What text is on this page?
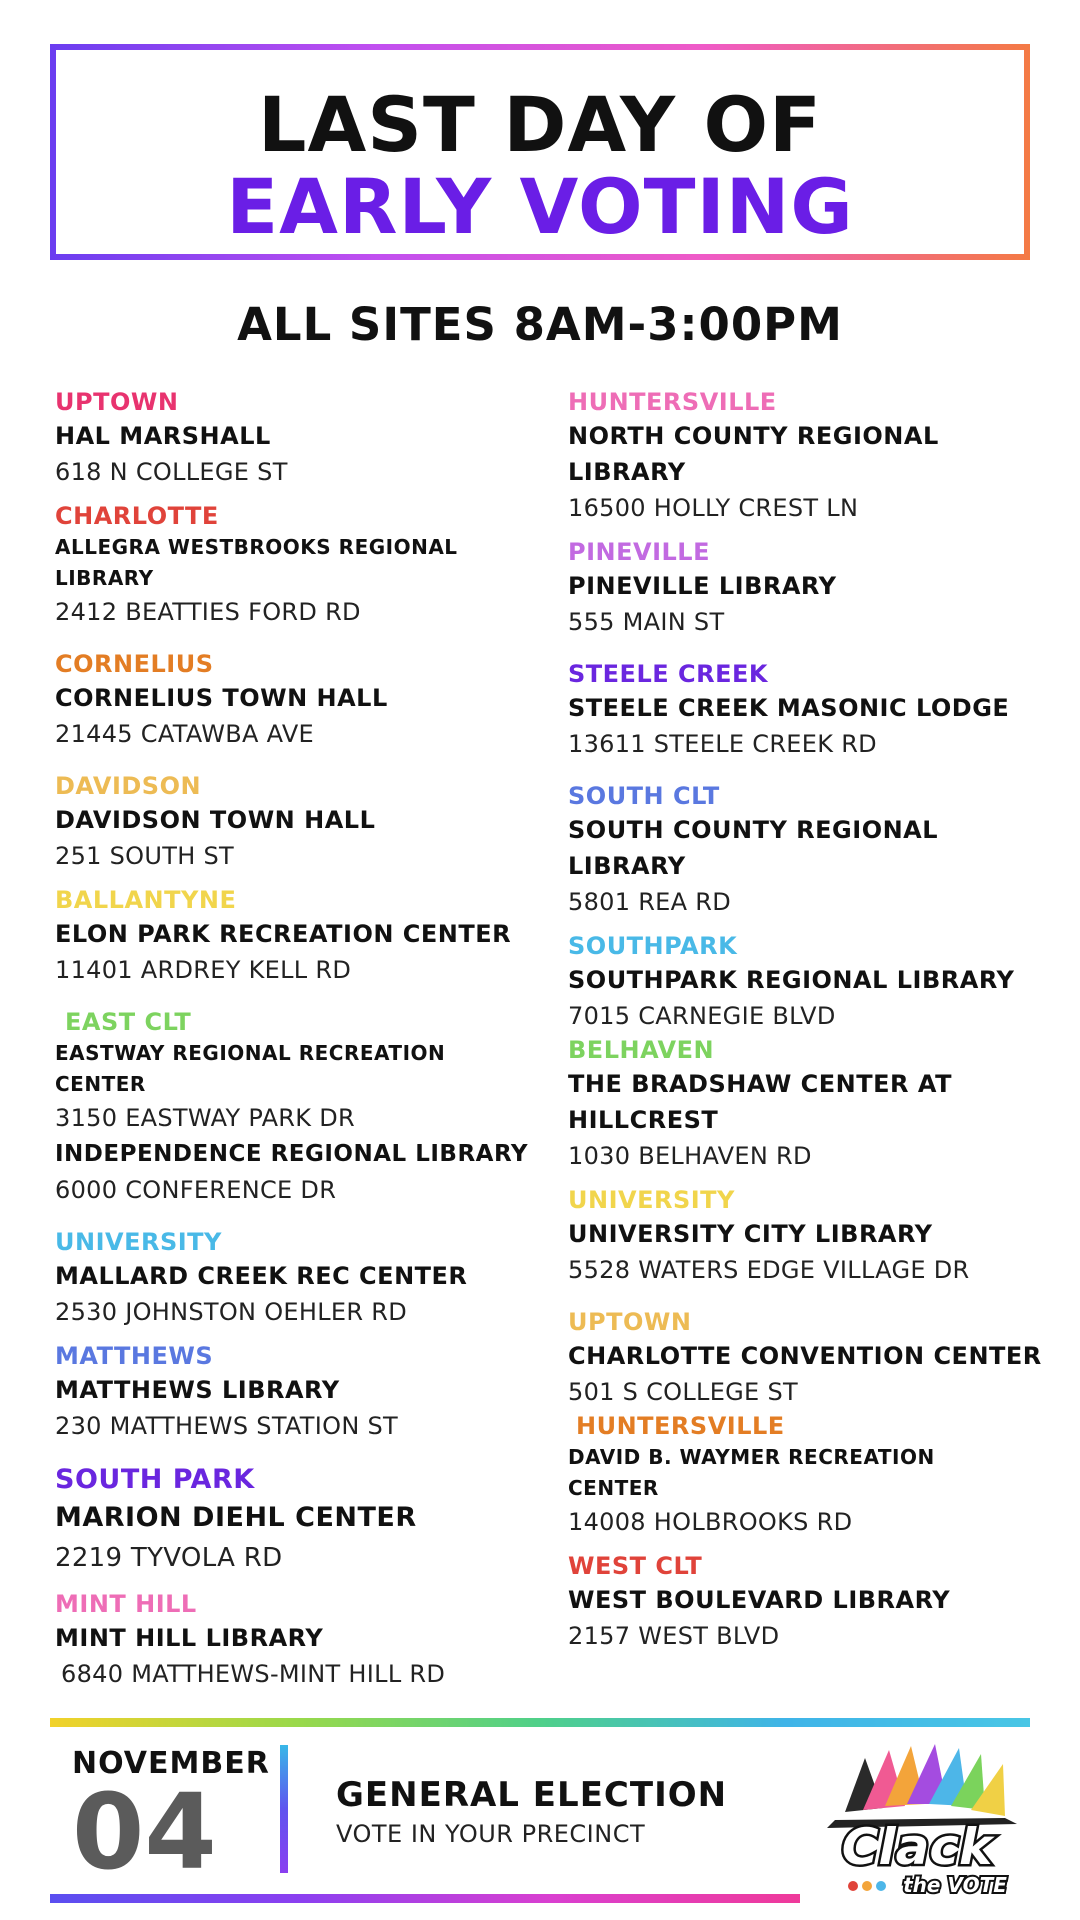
LAST DAY OF
EARLY VOTING
ALL SITES 8AM-3:00PM
UPTOWN
HAL MARSHALL
618 N COLLEGE ST
CHARLOTTE
ALLEGRA WESTBROOKS REGIONAL LIBRARY
2412 BEATTIES FORD RD
CORNELIUS
CORNELIUS TOWN HALL
21445 CATAWBA AVE
DAVIDSON
DAVIDSON TOWN HALL
251 SOUTH ST
BALLANTYNE
ELON PARK RECREATION CENTER
11401 ARDREY KELL RD
EAST CLT
EASTWAY REGIONAL RECREATION CENTER
3150 EASTWAY PARK DR
INDEPENDENCE REGIONAL LIBRARY
6000 CONFERENCE DR
UNIVERSITY
MALLARD CREEK REC CENTER
2530 JOHNSTON OEHLER RD
MATTHEWS
MATTHEWS LIBRARY
230 MATTHEWS STATION ST
SOUTH PARK
MARION DIEHL CENTER
2219 TYVOLA RD
MINT HILL
MINT HILL LIBRARY
6840 MATTHEWS-MINT HILL RD
HUNTERSVILLE
NORTH COUNTY REGIONAL LIBRARY
16500 HOLLY CREST LN
PINEVILLE
PINEVILLE LIBRARY
555 MAIN ST
STEELE CREEK
STEELE CREEK MASONIC LODGE
13611 STEELE CREEK RD
SOUTH CLT
SOUTH COUNTY REGIONAL LIBRARY
5801 REA RD
SOUTHPARK
SOUTHPARK REGIONAL LIBRARY
7015 CARNEGIE BLVD
BELHAVEN
THE BRADSHAW CENTER AT HILLCREST
1030 BELHAVEN RD
UNIVERSITY
UNIVERSITY CITY LIBRARY
5528 WATERS EDGE VILLAGE DR
UPTOWN
CHARLOTTE CONVENTION CENTER
501 S COLLEGE ST
HUNTERSVILLE
DAVID B. WAYMER RECREATION CENTER
14008 HOLBROOKS RD
WEST CLT
WEST BOULEVARD LIBRARY
2157 WEST BLVD
NOVEMBER
04	GENERAL ELECTION
VOTE IN YOUR PRECINCT	Clack
the VOTE
